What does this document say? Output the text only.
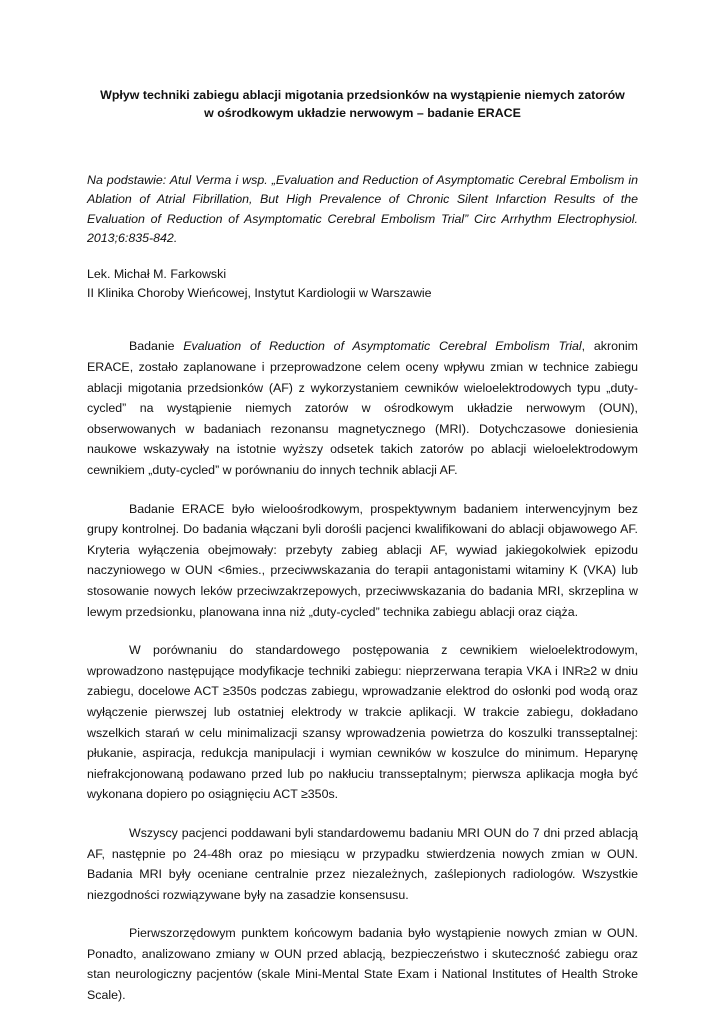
Wpływ techniki zabiegu ablacji migotania przedsionków na wystąpienie niemych zatorów
w ośrodkowym układzie nerwowym – badanie ERACE

Na podstawie: Atul Verma i wsp. „Evaluation and Reduction of Asymptomatic Cerebral Embolism in Ablation of Atrial Fibrillation, But High Prevalence of Chronic Silent Infarction Results of the Evaluation of Reduction of Asymptomatic Cerebral Embolism Trial” Circ Arrhythm Electrophysiol. 2013;6:835-842.

Lek. Michał M. Farkowski
II Klinika Choroby Wieńcowej, Instytut Kardiologii w Warszawie

Badanie Evaluation of Reduction of Asymptomatic Cerebral Embolism Trial, akronim ERACE, zostało zaplanowane i przeprowadzone celem oceny wpływu zmian w technice zabiegu ablacji migotania przedsionków (AF) z wykorzystaniem cewników wieloelektrodowych typu „duty-cycled” na wystąpienie niemych zatorów w ośrodkowym układzie nerwowym (OUN), obserwowanych w badaniach rezonansu magnetycznego (MRI). Dotychczasowe doniesienia naukowe wskazywały na istotnie wyższy odsetek takich zatorów po ablacji wieloelektrodowym cewnikiem „duty-cycled” w porównaniu do innych technik ablacji AF.

Badanie ERACE było wieloośrodkowym, prospektywnym badaniem interwencyjnym bez grupy kontrolnej. Do badania włączani byli dorośli pacjenci kwalifikowani do ablacji objawowego AF. Kryteria wyłączenia obejmowały: przebyty zabieg ablacji AF, wywiad jakiegokolwiek epizodu naczyniowego w OUN <6mies., przeciwwskazania do terapii antagonistami witaminy K (VKA) lub stosowanie nowych leków przeciwzakrzepowych, przeciwwskazania do badania MRI, skrzeplina w lewym przedsionku, planowana inna niż „duty-cycled” technika zabiegu ablacji oraz ciąża.

W porównaniu do standardowego postępowania z cewnikiem wieloelektrodowym, wprowadzono następujące modyfikacje techniki zabiegu: nieprzerwana terapia VKA i INR≥2 w dniu zabiegu, docelowe ACT ≥350s podczas zabiegu, wprowadzanie elektrod do osłonki pod wodą oraz wyłączenie pierwszej lub ostatniej elektrody w trakcie aplikacji. W trakcie zabiegu, dokładano wszelkich starań w celu minimalizacji szansy wprowadzenia powietrza do koszulki transseptalnej: płukanie, aspiracja, redukcja manipulacji i wymian cewników w koszulce do minimum. Heparynę niefrakcjonowaną podawano przed lub po nakłuciu transseptalnym; pierwsza aplikacja mogła być wykonana dopiero po osiągnięciu ACT ≥350s.

Wszyscy pacjenci poddawani byli standardowemu badaniu MRI OUN do 7 dni przed ablacją AF, następnie po 24-48h oraz po miesiącu w przypadku stwierdzenia nowych zmian w OUN. Badania MRI były oceniane centralnie przez niezależnych, zaślepionych radiologów. Wszystkie niezgodności rozwiązywane były na zasadzie konsensusu.

Pierwszorzędowym punktem końcowym badania było wystąpienie nowych zmian w OUN. Ponadto, analizowano zmiany w OUN przed ablacją, bezpieczeństwo i skuteczność zabiegu oraz stan neurologiczny pacjentów (skale Mini-Mental State Exam i National Institutes of Health Stroke Scale).
